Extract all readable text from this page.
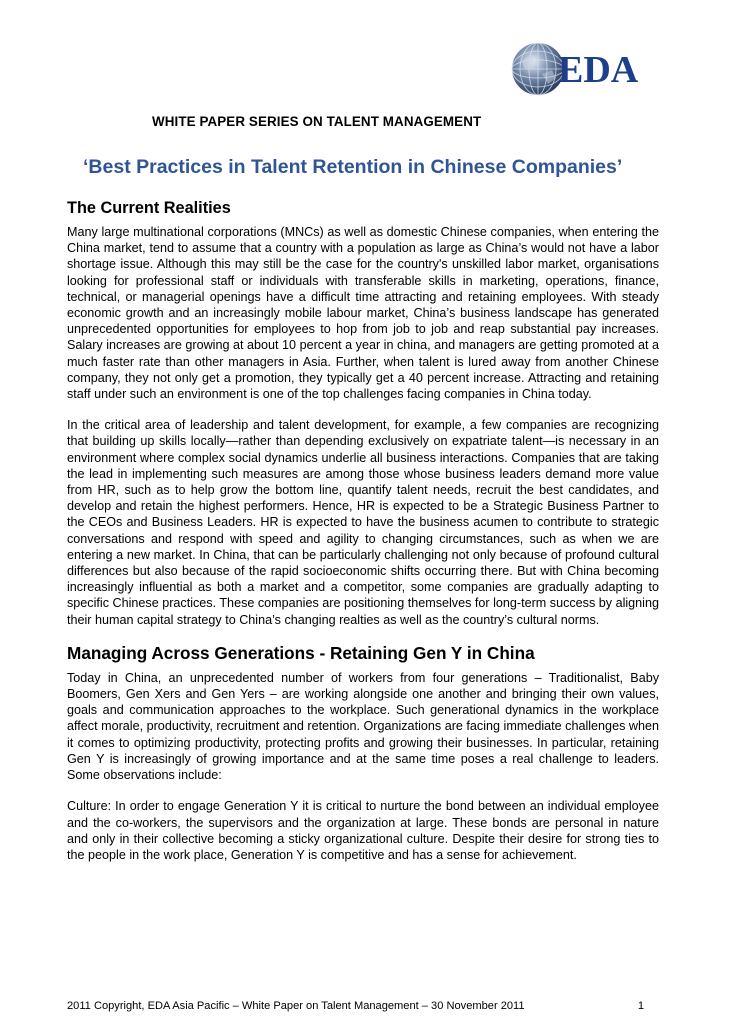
EDA
WHITE PAPER SERIES ON TALENT MANAGEMENT
‘Best Practices in Talent Retention in Chinese Companies’
The Current Realities

Many large multinational corporations (MNCs) as well as domestic Chinese companies, when entering the China market, tend to assume that a country with a population as large as China’s would not have a labor shortage issue. Although this may still be the case for the country's unskilled labor market, organisations looking for professional staff or individuals with transferable skills in marketing, operations, finance, technical, or managerial openings have a difficult time attracting and retaining employees. With steady economic growth and an increasingly mobile labour market, China’s business landscape has generated unprecedented opportunities for employees to hop from job to job and reap substantial pay increases. Salary increases are growing at about 10 percent a year in china, and managers are getting promoted at a much faster rate than other managers in Asia. Further, when talent is lured away from another Chinese company, they not only get a promotion, they typically get a 40 percent increase. Attracting and retaining staff under such an environment is one of the top challenges facing companies in China today.

In the critical area of leadership and talent development, for example, a few companies are recognizing that building up skills locally—rather than depending exclusively on expatriate talent—is necessary in an environment where complex social dynamics underlie all business interactions. Companies that are taking the lead in implementing such measures are among those whose business leaders demand more value from HR, such as to help grow the bottom line, quantify talent needs, recruit the best candidates, and develop and retain the highest performers. Hence, HR is expected to be a Strategic Business Partner to the CEOs and Business Leaders. HR is expected to have the business acumen to contribute to strategic conversations and respond with speed and agility to changing circumstances, such as when we are entering a new market. In China, that can be particularly challenging not only because of profound cultural differences but also because of the rapid socioeconomic shifts occurring there. But with China becoming increasingly influential as both a market and a competitor, some companies are gradually adapting to specific Chinese practices. These companies are positioning themselves for long-term success by aligning their human capital strategy to China’s changing realties as well as the country’s cultural norms.

Managing Across Generations - Retaining Gen Y in China

Today in China, an unprecedented number of workers from four generations – Traditionalist, Baby Boomers, Gen Xers and Gen Yers – are working alongside one another and bringing their own values, goals and communication approaches to the workplace. Such generational dynamics in the workplace affect morale, productivity, recruitment and retention. Organizations are facing immediate challenges when it comes to optimizing productivity, protecting profits and growing their businesses. In particular, retaining Gen Y is increasingly of growing importance and at the same time poses a real challenge to leaders. Some observations include:

Culture: In order to engage Generation Y it is critical to nurture the bond between an individual employee and the co-workers, the supervisors and the organization at large. These bonds are personal in nature and only in their collective becoming a sticky organizational culture. Despite their desire for strong ties to the people in the work place, Generation Y is competitive and has a sense for achievement.

2011 Copyright, EDA Asia Pacific – White Paper on Talent Management – 30 November 2011	1
